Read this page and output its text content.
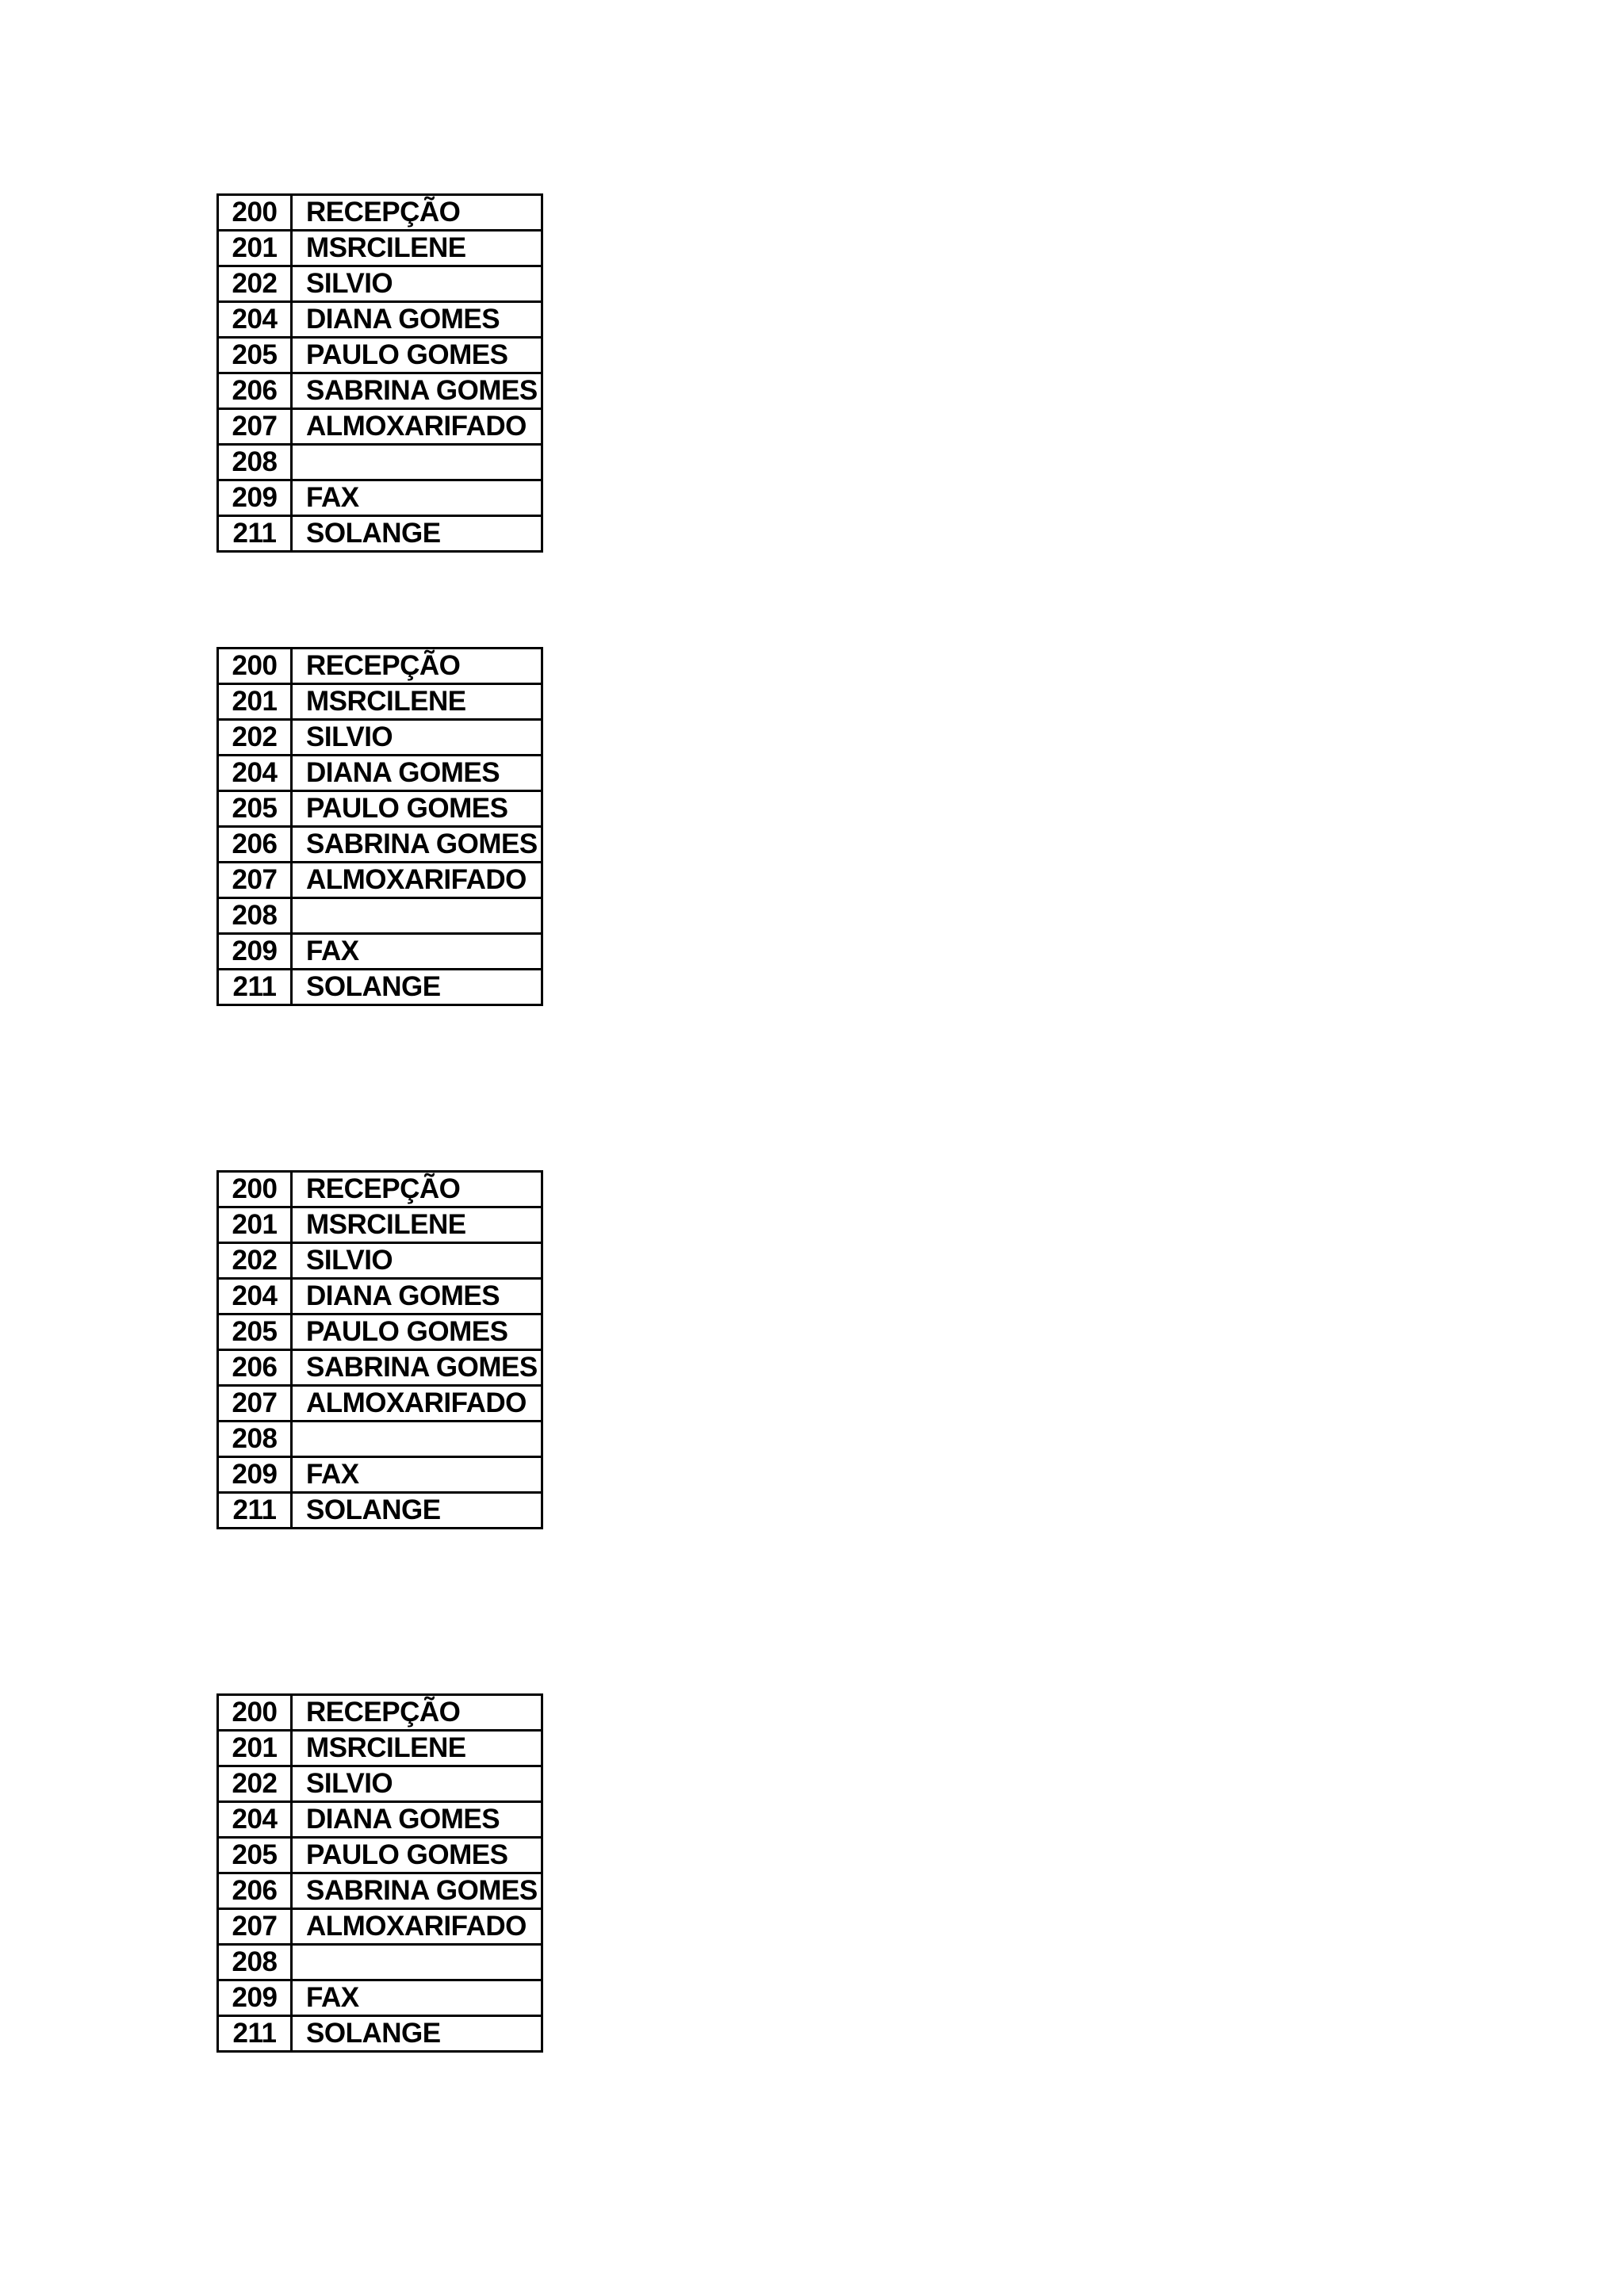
200	RECEPÇÃO
201	MSRCILENE
202	SILVIO
204	DIANA GOMES
205	PAULO GOMES
206	SABRINA GOMES
207	ALMOXARIFADO
208	
209	FAX
211	SOLANGE
200	RECEPÇÃO
201	MSRCILENE
202	SILVIO
204	DIANA GOMES
205	PAULO GOMES
206	SABRINA GOMES
207	ALMOXARIFADO
208	
209	FAX
211	SOLANGE
200	RECEPÇÃO
201	MSRCILENE
202	SILVIO
204	DIANA GOMES
205	PAULO GOMES
206	SABRINA GOMES
207	ALMOXARIFADO
208	
209	FAX
211	SOLANGE
200	RECEPÇÃO
201	MSRCILENE
202	SILVIO
204	DIANA GOMES
205	PAULO GOMES
206	SABRINA GOMES
207	ALMOXARIFADO
208	
209	FAX
211	SOLANGE
